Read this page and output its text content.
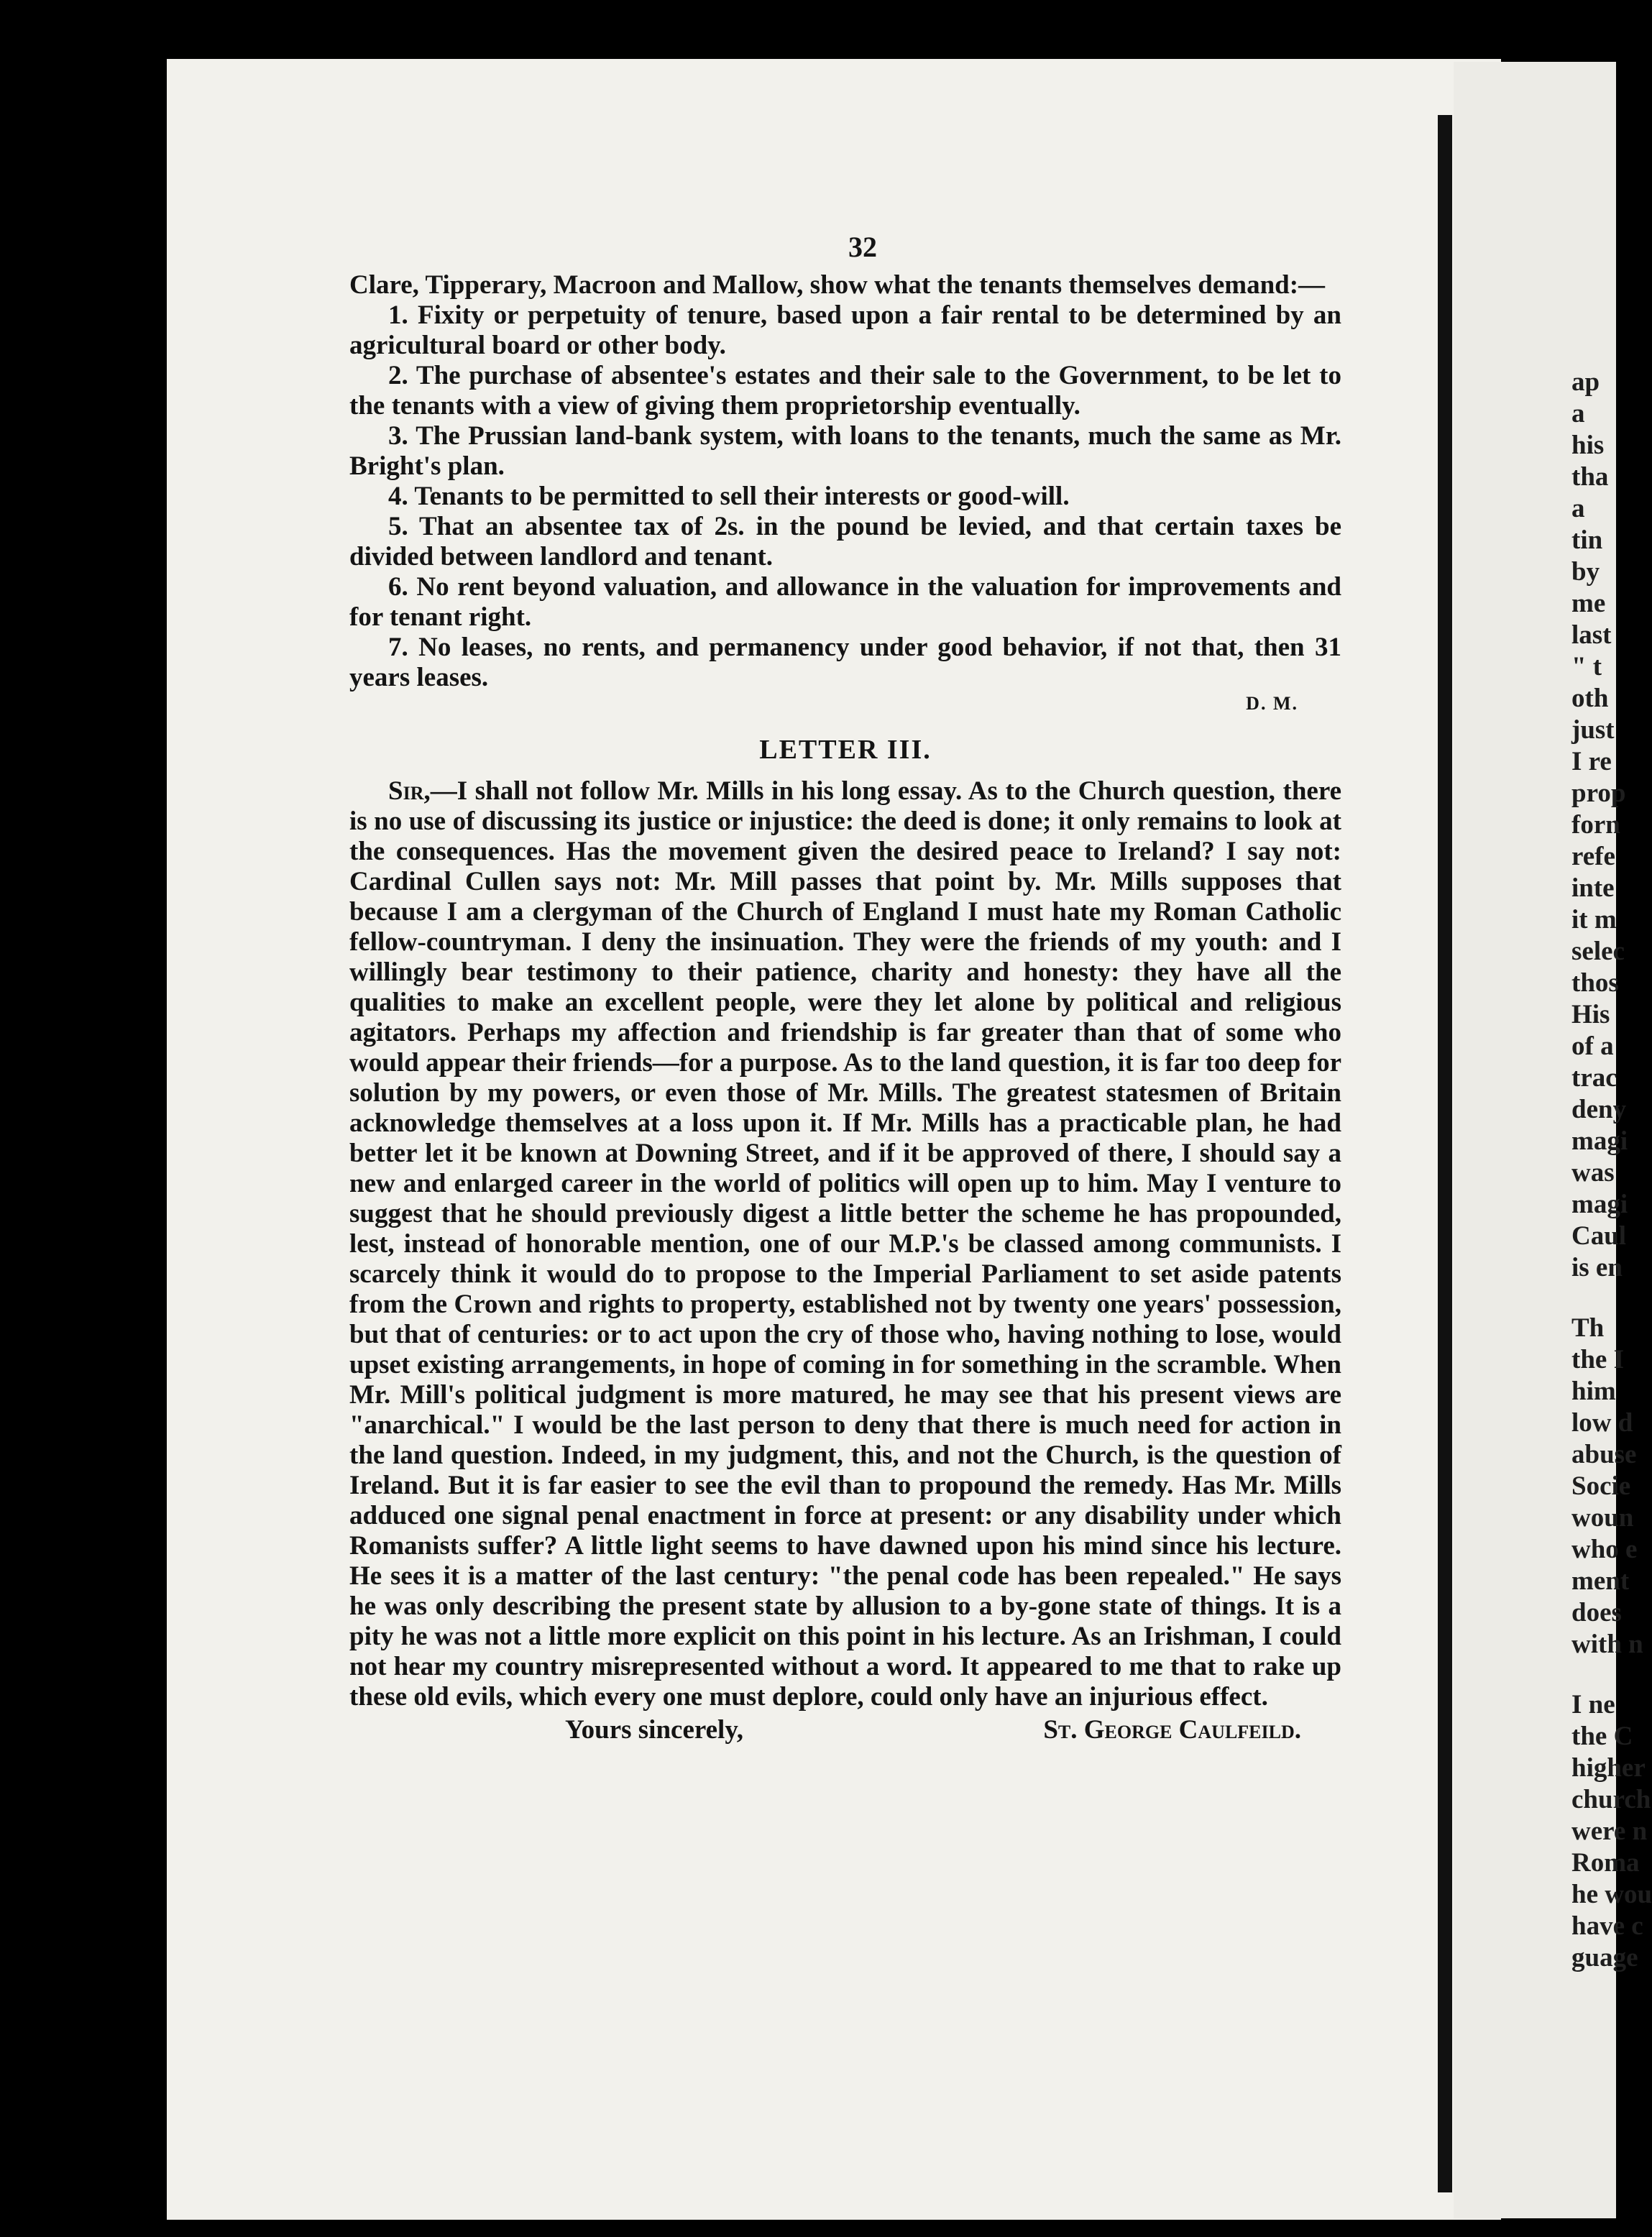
32

Clare, Tipperary, Macroon and Mallow, show what the tenants themselves demand:—

1. Fixity or perpetuity of tenure, based upon a fair rental to be determined by an agricultural board or other body.

2. The purchase of absentee's estates and their sale to the Government, to be let to the tenants with a view of giving them proprietorship eventually.

3. The Prussian land-bank system, with loans to the tenants, much the same as Mr. Bright's plan.

4. Tenants to be permitted to sell their interests or good-will.

5. That an absentee tax of 2s. in the pound be levied, and that certain taxes be divided between landlord and tenant.

6. No rent beyond valuation, and allowance in the valuation for improvements and for tenant right.

7. No leases, no rents, and permanency under good behavior, if not that, then 31 years leases.

D. M.

LETTER III.

Sir,—I shall not follow Mr. Mills in his long essay. As to the Church question, there is no use of discussing its justice or injustice: the deed is done; it only remains to look at the consequences. Has the movement given the desired peace to Ireland? I say not: Cardinal Cullen says not: Mr. Mill passes that point by. Mr. Mills supposes that because I am a clergyman of the Church of England I must hate my Roman Catholic fellow-countryman. I deny the insinuation. They were the friends of my youth: and I willingly bear testimony to their patience, charity and honesty: they have all the qualities to make an excellent people, were they let alone by political and religious agitators. Perhaps my affection and friendship is far greater than that of some who would appear their friends—for a purpose. As to the land question, it is far too deep for solution by my powers, or even those of Mr. Mills. The greatest statesmen of Britain acknowledge themselves at a loss upon it. If Mr. Mills has a practicable plan, he had better let it be known at Downing Street, and if it be approved of there, I should say a new and enlarged career in the world of politics will open up to him. May I venture to suggest that he should previously digest a little better the scheme he has propounded, lest, instead of honorable mention, one of our M.P.'s be classed among communists. I scarcely think it would do to propose to the Imperial Parliament to set aside patents from the Crown and rights to property, established not by twenty one years' possession, but that of centuries: or to act upon the cry of those who, having nothing to lose, would upset existing arrangements, in hope of coming in for something in the scramble. When Mr. Mill's political judgment is more matured, he may see that his present views are "anarchical." I would be the last person to deny that there is much need for action in the land question. Indeed, in my judgment, this, and not the Church, is the question of Ireland. But it is far easier to see the evil than to propound the remedy. Has Mr. Mills adduced one signal penal enactment in force at present: or any disability under which Romanists suffer? A little light seems to have dawned upon his mind since his lecture. He sees it is a matter of the last century: "the penal code has been repealed." He says he was only describing the present state by allusion to a by-gone state of things. It is a pity he was not a little more explicit on this point in his lecture. As an Irishman, I could not hear my country misrepresented without a word. It appeared to me that to rake up these old evils, which every one must deplore, could only have an injurious effect.

Yours sincerely,	St. George Caulfeild.
ap
a
his
tha
a
tin
by
me
last
" t
oth
just
I re
prop
forn
refe
inte
it m
selec
thos
His
of a
trac
deny
magi
was
magi
Caul
is en
Th
the I
him
low d
abuse
Socie
woun
who e
ment
does
with n
I ne
the C
higher
church
were n
Roma
he wou
have c
guage
